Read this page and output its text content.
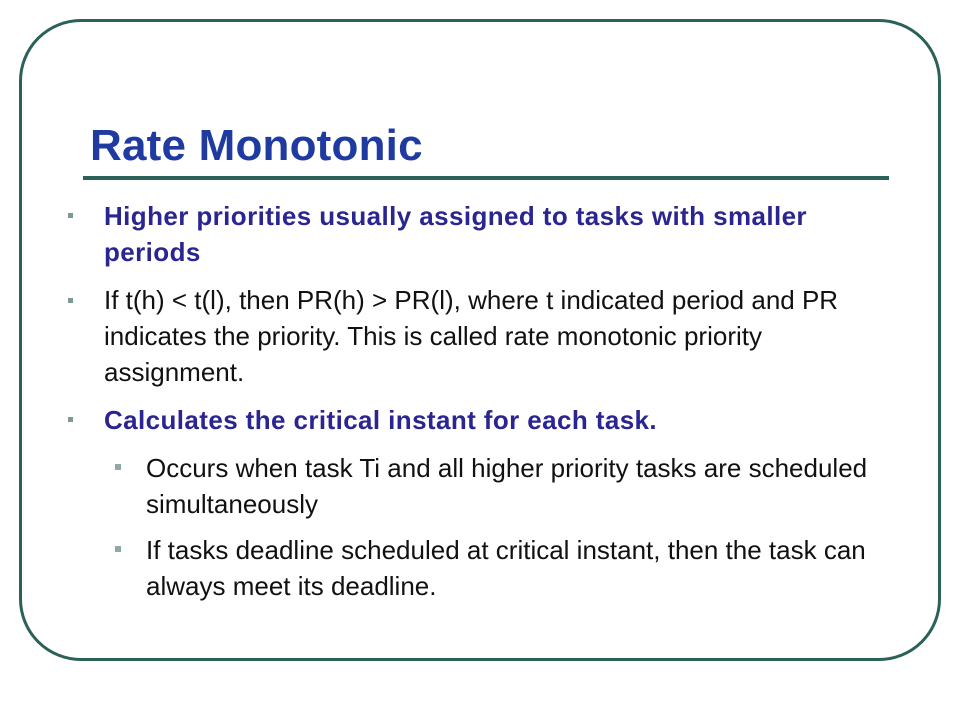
Rate Monotonic
Higher priorities usually assigned to tasks with smaller periods
If t(h) < t(l), then PR(h) > PR(l), where t indicated period and PR indicates the priority. This is called rate monotonic priority assignment.
Calculates the critical instant for each task.
Occurs when task Ti and all higher priority tasks are scheduled simultaneously
If tasks deadline scheduled at critical instant, then the task can always meet its deadline.
